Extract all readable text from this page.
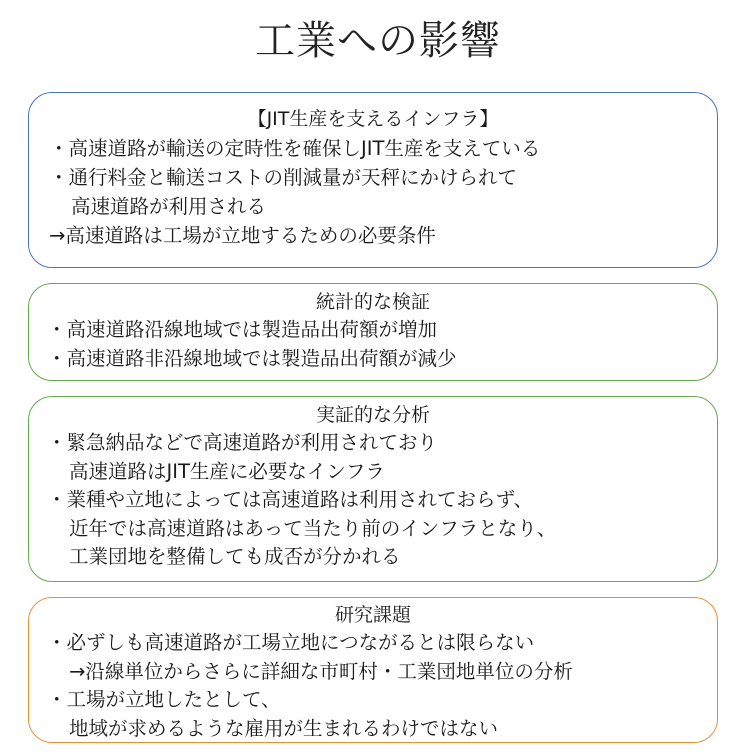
工業への影響
【JIT生産を支えるインフラ】
・高速道路が輸送の定時性を確保しJIT生産を支えている
・通行料金と輸送コストの削減量が天秤にかけられて
高速道路が利用される
→高速道路は工場が立地するための必要条件
統計的な検証
・高速道路沿線地域では製造品出荷額が増加
・高速道路非沿線地域では製造品出荷額が減少
実証的な分析
・緊急納品などで高速道路が利用されており
高速道路はJIT生産に必要なインフラ
・業種や立地によっては高速道路は利用されておらず、
近年では高速道路はあって当たり前のインフラとなり、
工業団地を整備しても成否が分かれる
研究課題
・必ずしも高速道路が工場立地につながるとは限らない
→沿線単位からさらに詳細な市町村・工業団地単位の分析
・工場が立地したとして、
地域が求めるような雇用が生まれるわけではない
